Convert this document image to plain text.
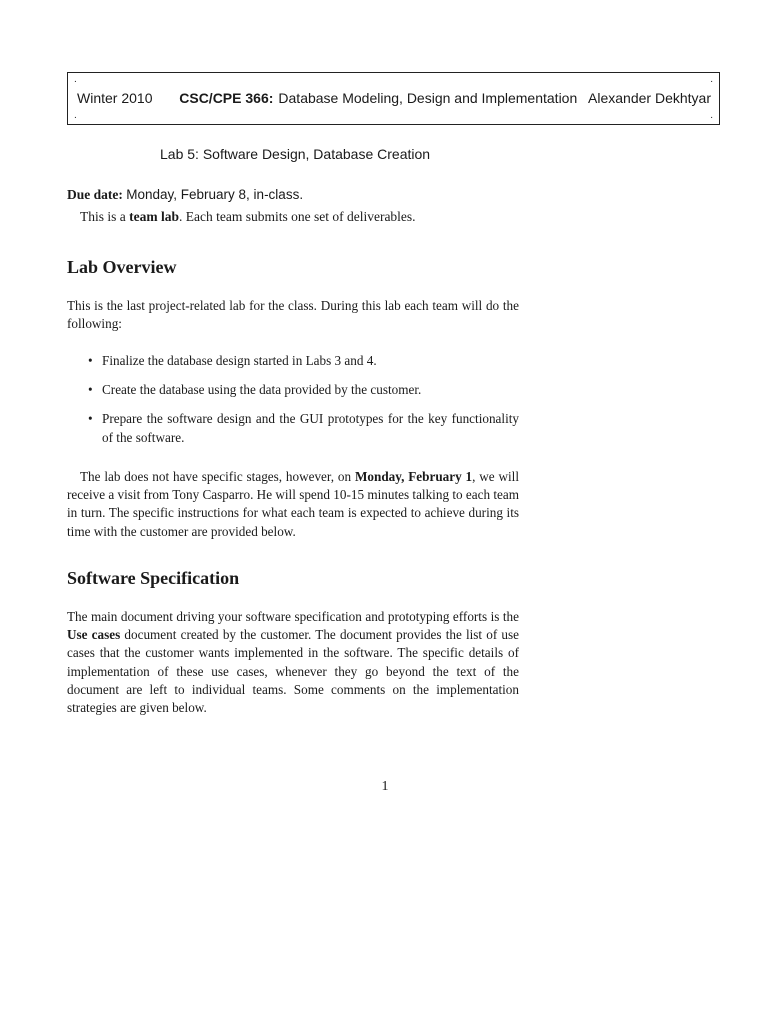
.	.
Winter 2010	CSC/CPE 366: Database Modeling, Design and Implementation Alexander Dekhtyar
.	.
Lab 5: Software Design, Database Creation
Due date: Monday, February 8, in-class.
This is a team lab. Each team submits one set of deliverables.
Lab Overview

This is the last project-related lab for the class. During this lab each team will do the following:

• Finalize the database design started in Labs 3 and 4.
• Create the database using the data provided by the customer.
• Prepare the software design and the GUI prototypes for the key functionality of the software.

The lab does not have specific stages, however, on Monday, February 1, we will receive a visit from Tony Casparro. He will spend 10-15 minutes talking to each team in turn. The specific instructions for what each team is expected to achieve during its time with the customer are provided below.

Software Specification

The main document driving your software specification and prototyping efforts is the Use cases document created by the customer. The document provides the list of use cases that the customer wants implemented in the software. The specific details of implementation of these use cases, whenever they go beyond the text of the document are left to individual teams. Some comments on the implementation strategies are given below.

1
